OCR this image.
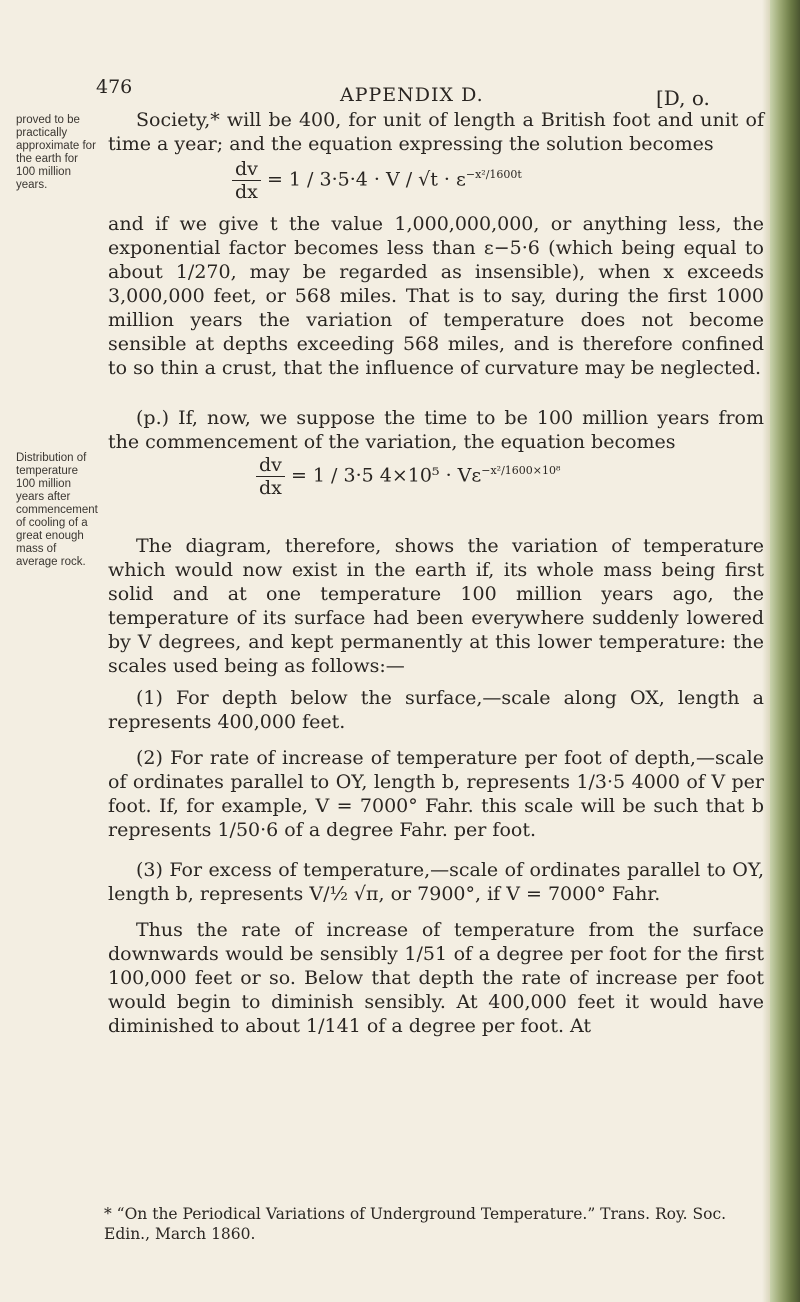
476	APPENDIX D.	[D, o.
proved to be practically approximate for the earth for 100 million years.
Distribution of temperature 100 million years after commencement of cooling of a great enough mass of average rock.
Society,* will be 400, for unit of length a British foot and unit of time a year; and the equation expressing the solution becomes
$\frac{dv}{dx} = 1 / 3\cdot 5\cdot 4 \cdot V / √t \cdot \varepsilon^{-x^2/1600t}$
and if we give t the value 1,000,000,000, or anything less, the exponential factor becomes less than ε−5·6 (which being equal to about 1/270, may be regarded as insensible), when x exceeds 3,000,000 feet, or 568 miles. That is to say, during the first 1000 million years the variation of temperature does not become sensible at depths exceeding 568 miles, and is therefore confined to so thin a crust, that the influence of curvature may be neglected.
(p.) If, now, we suppose the time to be 100 million years from the commencement of the variation, the equation becomes
$\frac{dv}{dx} = 1 / 3\cdot 5$ $4\times 10^5 \cdot V\varepsilon^{-x^2/1600\times 10^8}$
The diagram, therefore, shows the variation of temperature which would now exist in the earth if, its whole mass being first solid and at one temperature 100 million years ago, the temperature of its surface had been everywhere suddenly lowered by V degrees, and kept permanently at this lower temperature: the scales used being as follows:—
(1) For depth below the surface,—scale along OX, length a represents 400,000 feet.
(2) For rate of increase of temperature per foot of depth,—scale of ordinates parallel to OY, length b, represents 1/3·5 4000 of V per foot. If, for example, V = 7000° Fahr. this scale will be such that b represents 1/50·6 of a degree Fahr. per foot.
(3) For excess of temperature,—scale of ordinates parallel to OY, length b, represents V/½ √π, or 7900°, if V = 7000° Fahr.
Thus the rate of increase of temperature from the surface downwards would be sensibly 1/51 of a degree per foot for the first 100,000 feet or so. Below that depth the rate of increase per foot would begin to diminish sensibly. At 400,000 feet it would have diminished to about 1/141 of a degree per foot. At
* “On the Periodical Variations of Underground Temperature.” Trans. Roy. Soc. Edin., March 1860.
